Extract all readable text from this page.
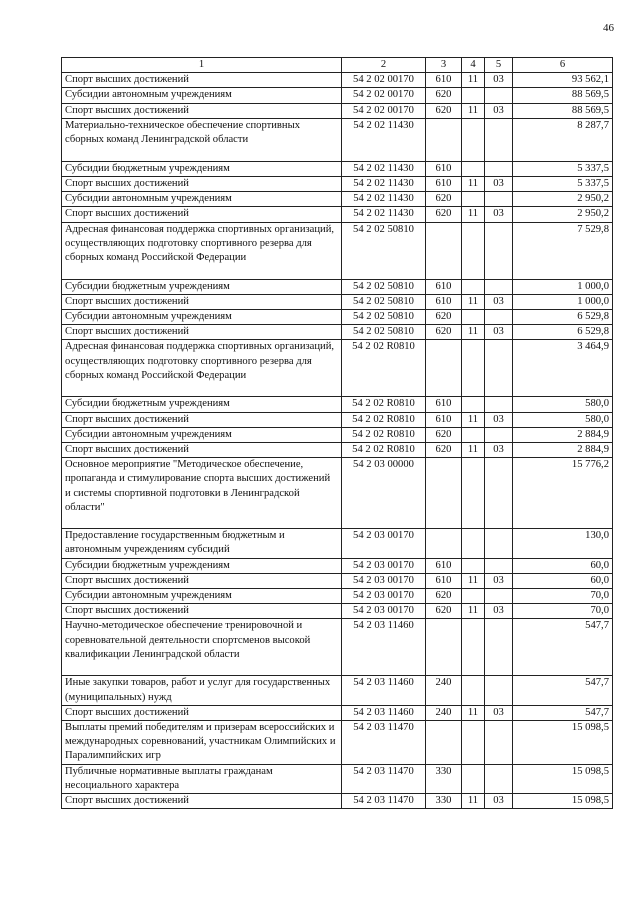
46
1	2	3	4	5	6
Спорт высших достижений	54 2 02 00170	610	11	03	93 562,1
Субсидии автономным учреждениям	54 2 02 00170	620			88 569,5
Спорт высших достижений	54 2 02 00170	620	11	03	88 569,5
Материально-техническое обеспечение спортивных сборных команд Ленинградской области	54 2 02 11430				8 287,7
Субсидии бюджетным учреждениям	54 2 02 11430	610			5 337,5
Спорт высших достижений	54 2 02 11430	610	11	03	5 337,5
Субсидии автономным учреждениям	54 2 02 11430	620			2 950,2
Спорт высших достижений	54 2 02 11430	620	11	03	2 950,2
Адресная финансовая поддержка спортивных организаций, осуществляющих подготовку спортивного резерва для сборных команд Российской Федерации	54 2 02 50810				7 529,8
Субсидии бюджетным учреждениям	54 2 02 50810	610			1 000,0
Спорт высших достижений	54 2 02 50810	610	11	03	1 000,0
Субсидии автономным учреждениям	54 2 02 50810	620			6 529,8
Спорт высших достижений	54 2 02 50810	620	11	03	6 529,8
Адресная финансовая поддержка спортивных организаций, осуществляющих подготовку спортивного резерва для сборных команд Российской Федерации	54 2 02 R0810				3 464,9
Субсидии бюджетным учреждениям	54 2 02 R0810	610			580,0
Спорт высших достижений	54 2 02 R0810	610	11	03	580,0
Субсидии автономным учреждениям	54 2 02 R0810	620			2 884,9
Спорт высших достижений	54 2 02 R0810	620	11	03	2 884,9
Основное мероприятие "Методическое обеспечение, пропаганда и стимулирование спорта высших достижений и системы спортивной подготовки в Ленинградской области"	54 2 03 00000				15 776,2
Предоставление государственным бюджетным и автономным учреждениям субсидий	54 2 03 00170				130,0
Субсидии бюджетным учреждениям	54 2 03 00170	610			60,0
Спорт высших достижений	54 2 03 00170	610	11	03	60,0
Субсидии автономным учреждениям	54 2 03 00170	620			70,0
Спорт высших достижений	54 2 03 00170	620	11	03	70,0
Научно-методическое обеспечение тренировочной и соревновательной деятельности спортсменов высокой квалификации Ленинградской области	54 2 03 11460				547,7
Иные закупки товаров, работ и услуг для государственных (муниципальных) нужд	54 2 03 11460	240			547,7
Спорт высших достижений	54 2 03 11460	240	11	03	547,7
Выплаты премий победителям и призерам всероссийских и международных соревнований, участникам Олимпийских и Паралимпийских игр	54 2 03 11470				15 098,5
Публичные нормативные выплаты гражданам несоциального характера	54 2 03 11470	330			15 098,5
Спорт высших достижений	54 2 03 11470	330	11	03	15 098,5
